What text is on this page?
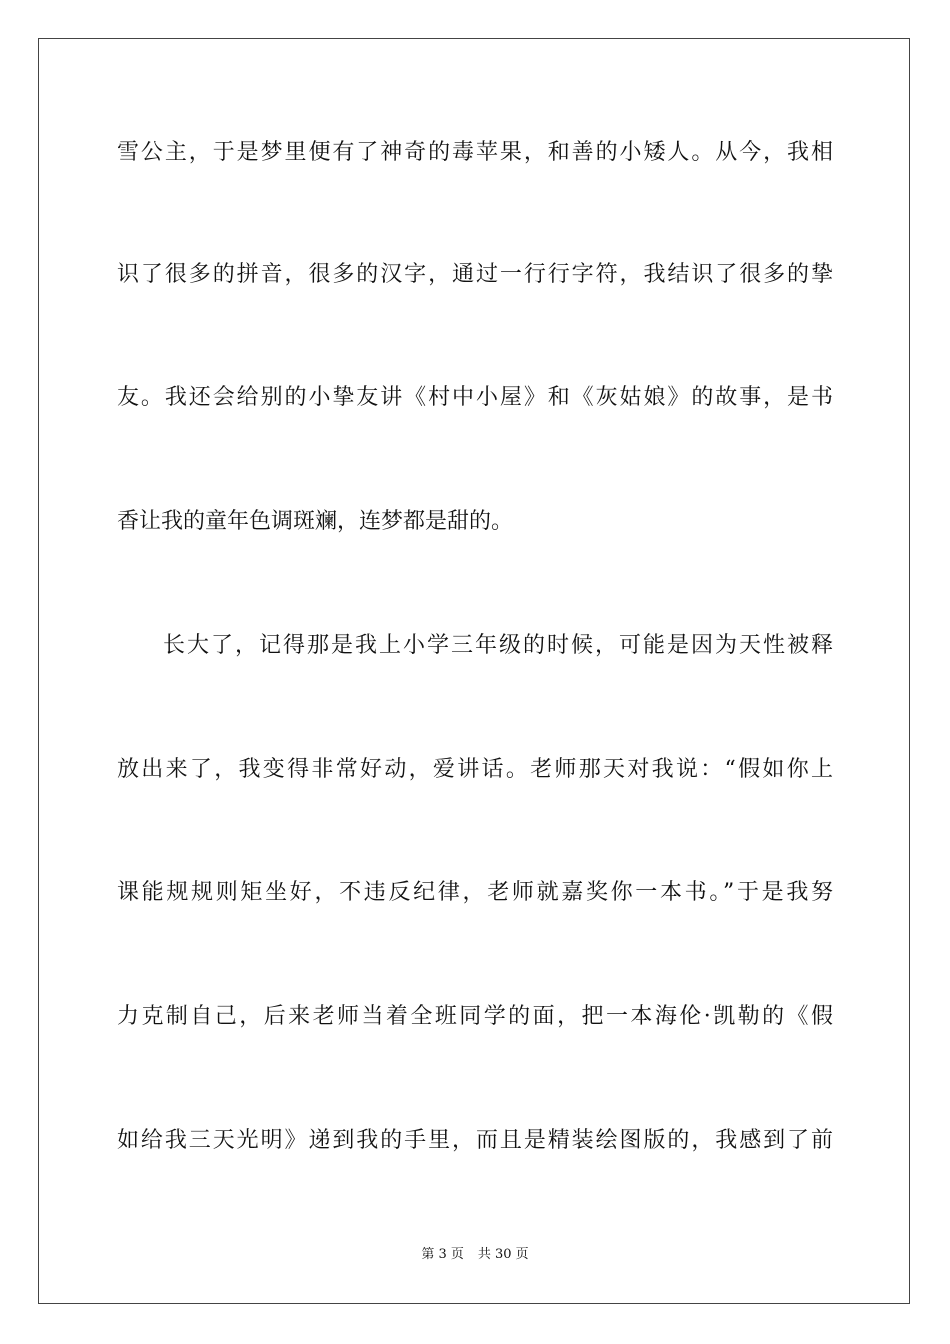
雪公主，于是梦里便有了神奇的毒苹果，和善的小矮人。从今，我相
识了很多的拼音，很多的汉字，通过一行行字符，我结识了很多的挚
友。我还会给别的小挚友讲《村中小屋》和《灰姑娘》的故事，是书
香让我的童年色调斑斓，连梦都是甜的。
长大了，记得那是我上小学三年级的时候，可能是因为天性被释
放出来了，我变得非常好动，爱讲话。老师那天对我说：“假如你上
课能规规则矩坐好，不违反纪律，老师就嘉奖你一本书。”于是我努
力克制自己，后来老师当着全班同学的面，把一本海伦·凯勒的《假
如给我三天光明》递到我的手里，而且是精装绘图版的，我感到了前
第 3 页 共 30 页
